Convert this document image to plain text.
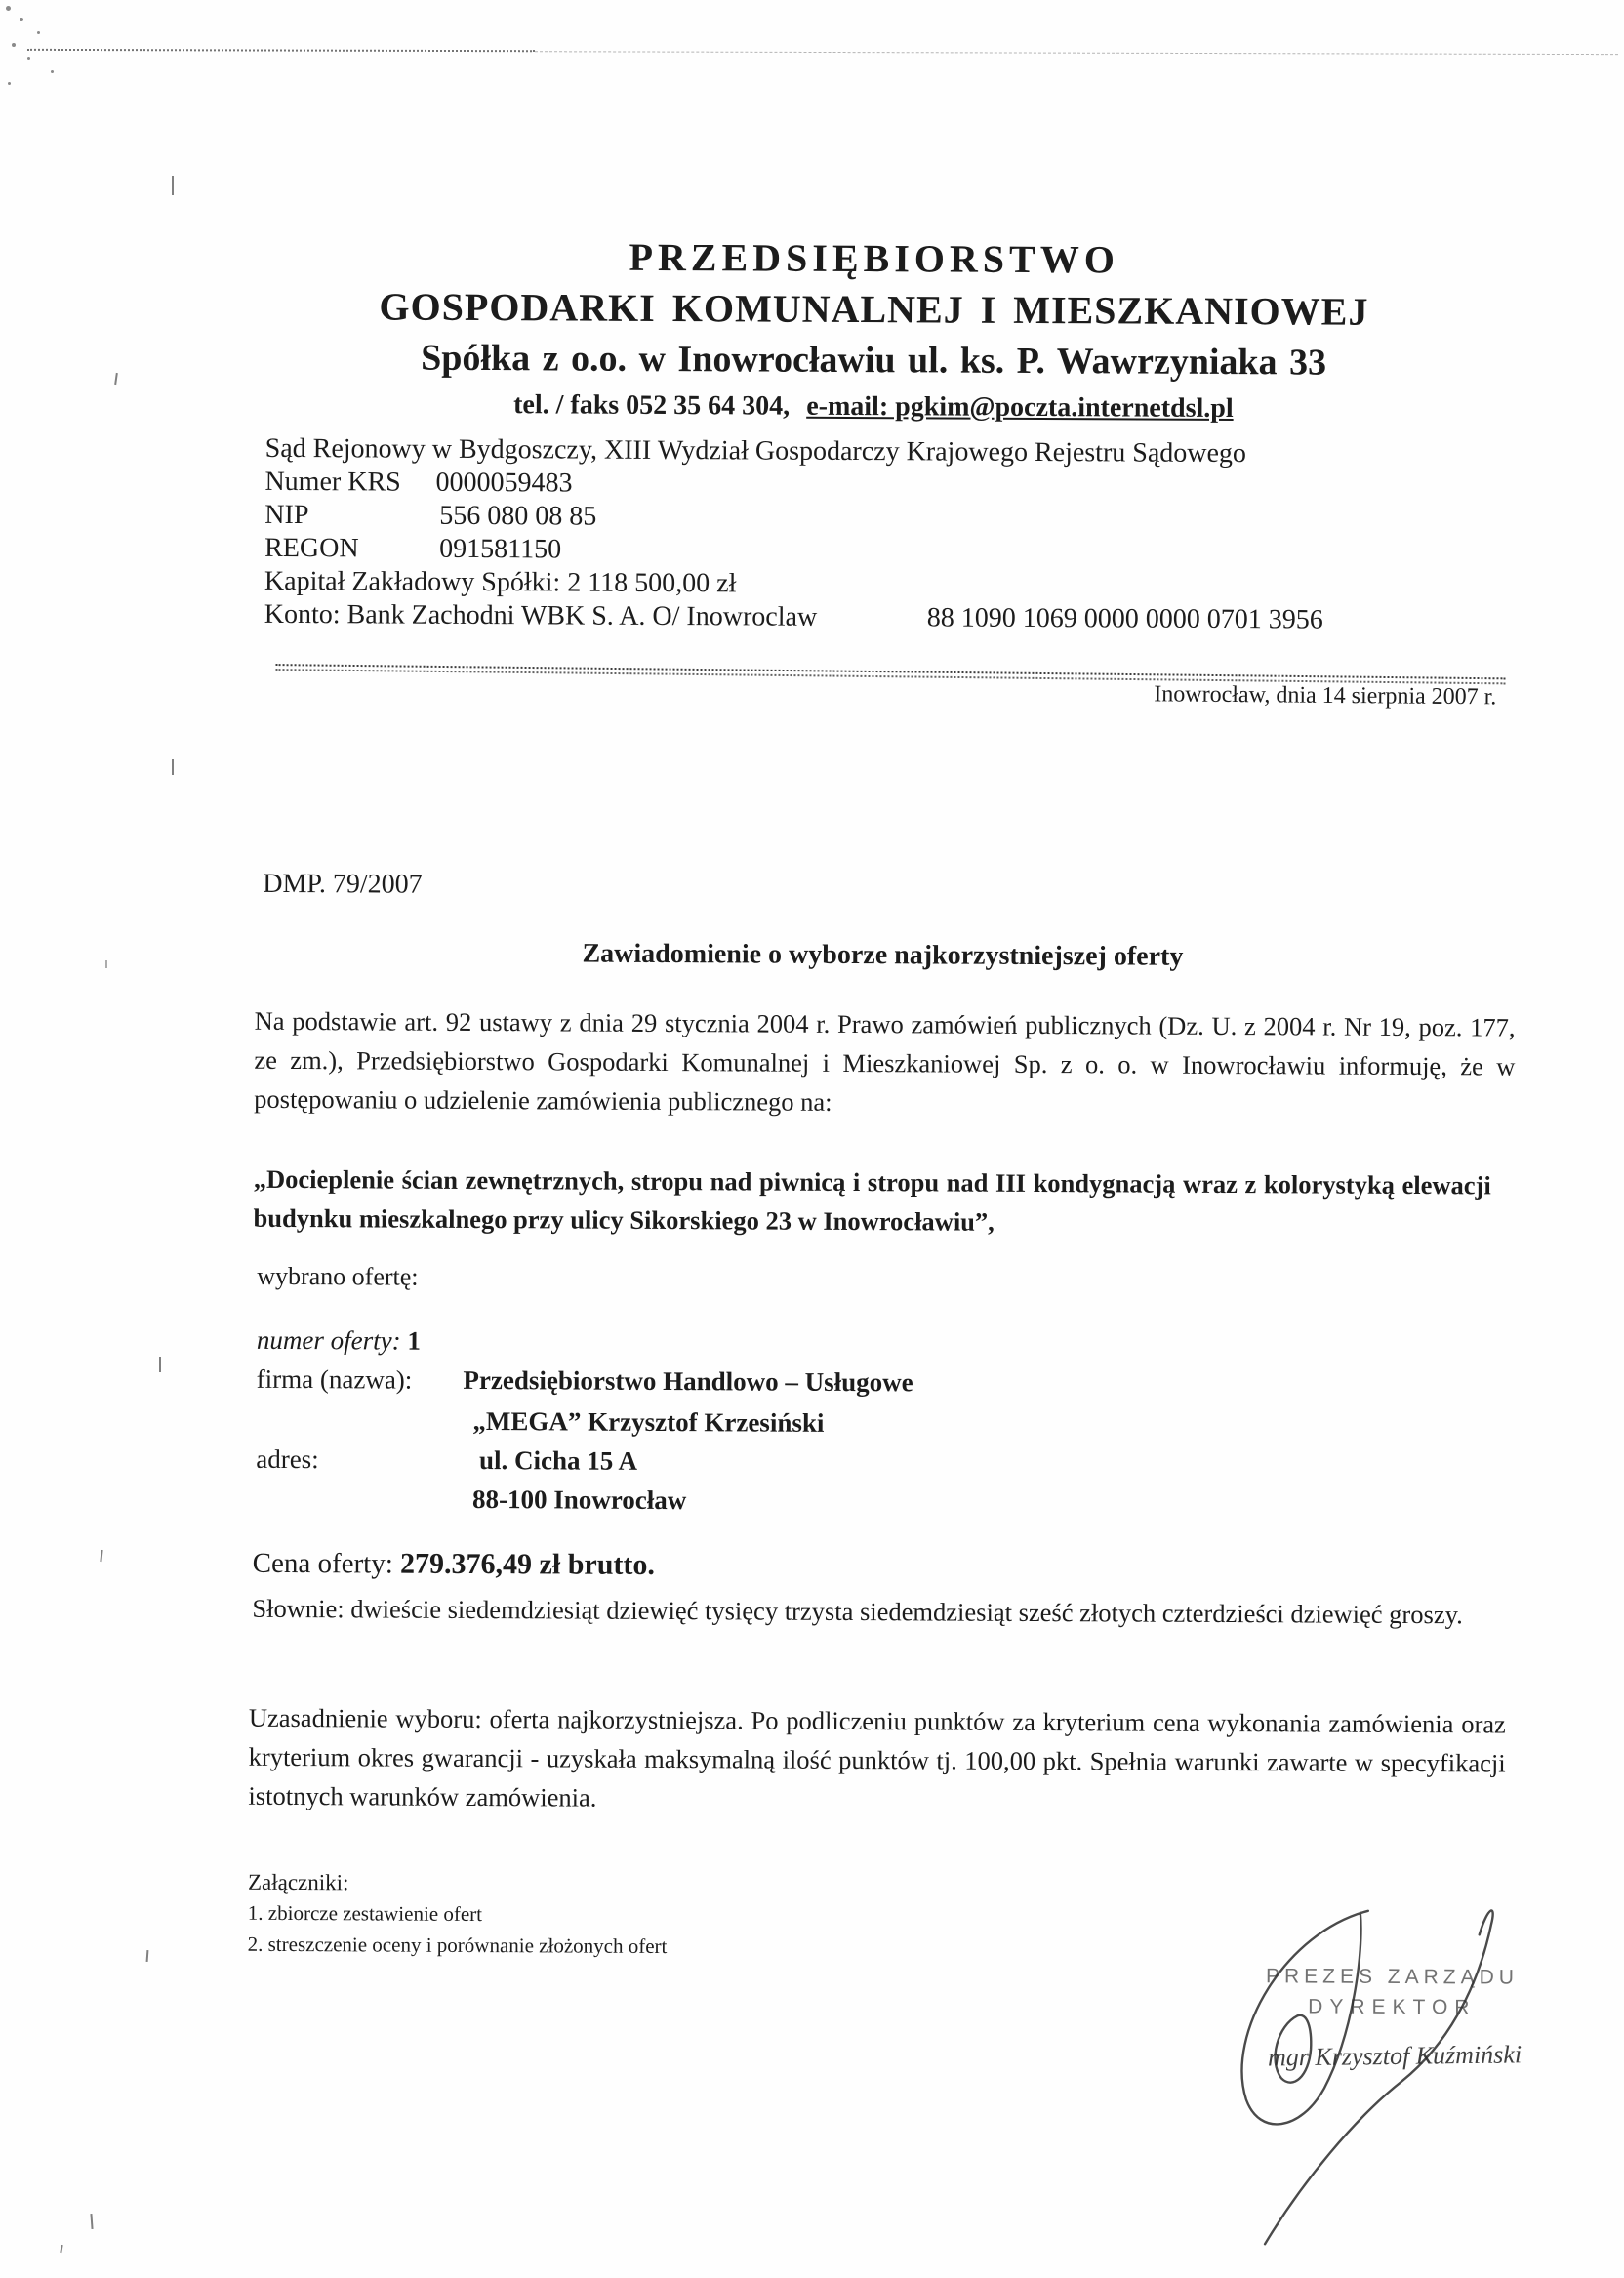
PRZEDSIĘBIORSTWO
GOSPODARKI KOMUNALNEJ I MIESZKANIOWEJ
Spółka z o.o. w Inowrocławiu ul. ks. P. Wawrzyniaka 33
tel. / faks 052 35 64 304, e-mail: pgkim@poczta.internetdsl.pl
Sąd Rejonowy w Bydgoszczy, XIII Wydział Gospodarczy Krajowego Rejestru Sądowego
Numer KRS 0000059483
NIP	556 080 08 85
REGON	091581150
Kapitał Zakładowy Spółki: 2 118 500,00 zł
Konto: Bank Zachodni WBK S. A. O/ Inowroclaw	88 1090 1069 0000 0000 0701 3956
Inowrocław, dnia 14 sierpnia 2007 r.
DMP. 79/2007
Zawiadomienie o wyborze najkorzystniejszej oferty
Na podstawie art. 92 ustawy z dnia 29 stycznia 2004 r. Prawo zamówień publicznych (Dz. U. z 2004 r. Nr 19, poz. 177, ze zm.), Przedsiębiorstwo Gospodarki Komunalnej i Mieszkaniowej Sp. z o. o. w Inowrocławiu informuję, że w postępowaniu o udzielenie zamówienia publicznego na:
„Docieplenie ścian zewnętrznych, stropu nad piwnicą i stropu nad III kondygnacją wraz z kolorystyką elewacji budynku mieszkalnego przy ulicy Sikorskiego 23 w Inowrocławiu”,
wybrano ofertę:
numer oferty: 1
firma (nazwa): Przedsiębiorstwo Handlowo – Usługowe
„MEGA” Krzysztof Krzesiński
adres:	ul. Cicha 15 A
88-100 Inowrocław
Cena oferty: 279.376,49 zł brutto.
Słownie: dwieście siedemdziesiąt dziewięć tysięcy trzysta siedemdziesiąt sześć złotych czterdzieści dziewięć groszy.
Uzasadnienie wyboru: oferta najkorzystniejsza. Po podliczeniu punktów za kryterium cena wykonania zamówienia oraz kryterium okres gwarancji - uzyskała maksymalną ilość punktów tj. 100,00 pkt. Spełnia warunki zawarte w specyfikacji istotnych warunków zamówienia.
Załączniki:
1. zbiorcze zestawienie ofert
2. streszczenie oceny i porównanie złożonych ofert
PREZES ZARZĄDU
DYREKTOR
mgr Krzysztof Kuźmiński
